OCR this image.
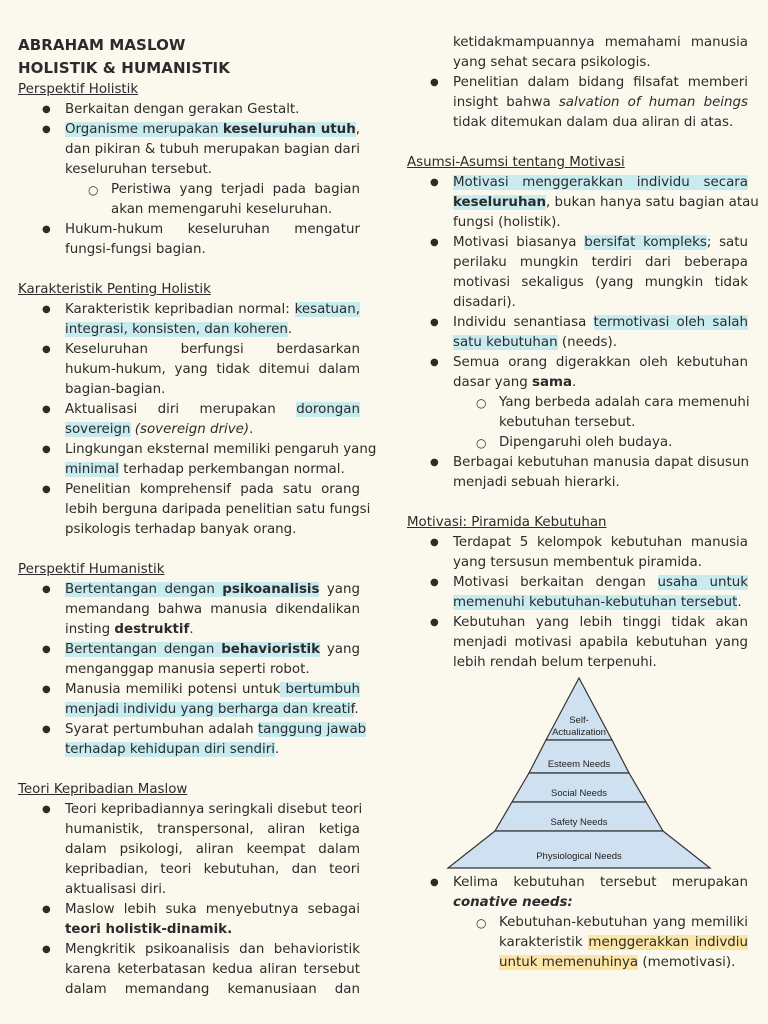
ABRAHAM MASLOW
HOLISTIK & HUMANISTIK
Perspektif Holistik
● Berkaitan dengan gerakan Gestalt.
● Organisme merupakan keseluruhan utuh,
dan pikiran & tubuh merupakan bagian dari
keseluruhan tersebut.
○ Peristiwa yang terjadi pada bagian
akan memengaruhi keseluruhan.
● Hukum-hukum keseluruhan mengatur
fungsi-fungsi bagian.
Karakteristik Penting Holistik
● Karakteristik kepribadian normal: kesatuan,
integrasi, konsisten, dan koheren.
● Keseluruhan berfungsi berdasarkan
hukum-hukum, yang tidak ditemui dalam
bagian-bagian.
● Aktualisasi diri merupakan dorongan
sovereign (sovereign drive).
● Lingkungan eksternal memiliki pengaruh yang
minimal terhadap perkembangan normal.
● Penelitian komprehensif pada satu orang
lebih berguna daripada penelitian satu fungsi
psikologis terhadap banyak orang.
Perspektif Humanistik
● Bertentangan dengan psikoanalisis yang
memandang bahwa manusia dikendalikan
insting destruktif.
● Bertentangan dengan behavioristik yang
menganggap manusia seperti robot.
● Manusia memiliki potensi untuk bertumbuh
menjadi individu yang berharga dan kreatif.
● Syarat pertumbuhan adalah tanggung jawab
terhadap kehidupan diri sendiri.
Teori Kepribadian Maslow
● Teori kepribadiannya seringkali disebut teori
humanistik, transpersonal, aliran ketiga
dalam psikologi, aliran keempat dalam
kepribadian, teori kebutuhan, dan teori
aktualisasi diri.
● Maslow lebih suka menyebutnya sebagai
teori holistik-dinamik.
● Mengkritik psikoanalisis dan behavioristik
karena keterbatasan kedua aliran tersebut
dalam memandang kemanusiaan dan
ketidakmampuannya memahami manusia
yang sehat secara psikologis.
● Penelitian dalam bidang filsafat memberi
insight bahwa salvation of human beings
tidak ditemukan dalam dua aliran di atas.
Asumsi-Asumsi tentang Motivasi
● Motivasi menggerakkan individu secara
keseluruhan, bukan hanya satu bagian atau
fungsi (holistik).
● Motivasi biasanya bersifat kompleks; satu
perilaku mungkin terdiri dari beberapa
motivasi sekaligus (yang mungkin tidak
disadari).
● Individu senantiasa termotivasi oleh salah
satu kebutuhan (needs).
● Semua orang digerakkan oleh kebutuhan
dasar yang sama.
○ Yang berbeda adalah cara memenuhi
kebutuhan tersebut.
○ Dipengaruhi oleh budaya.
● Berbagai kebutuhan manusia dapat disusun
menjadi sebuah hierarki.
Motivasi: Piramida Kebutuhan
● Terdapat 5 kelompok kebutuhan manusia
yang tersusun membentuk piramida.
● Motivasi berkaitan dengan usaha untuk
memenuhi kebutuhan-kebutuhan tersebut.
● Kebutuhan yang lebih tinggi tidak akan
menjadi motivasi apabila kebutuhan yang
lebih rendah belum terpenuhi.
● Kelima kebutuhan tersebut merupakan
conative needs:
○ Kebutuhan-kebutuhan yang memiliki
karakteristik menggerakkan indivdiu
untuk memenuhinya (memotivasi).
Self-
Actualization
Esteem Needs
Social Needs
Safety Needs
Physiological Needs
